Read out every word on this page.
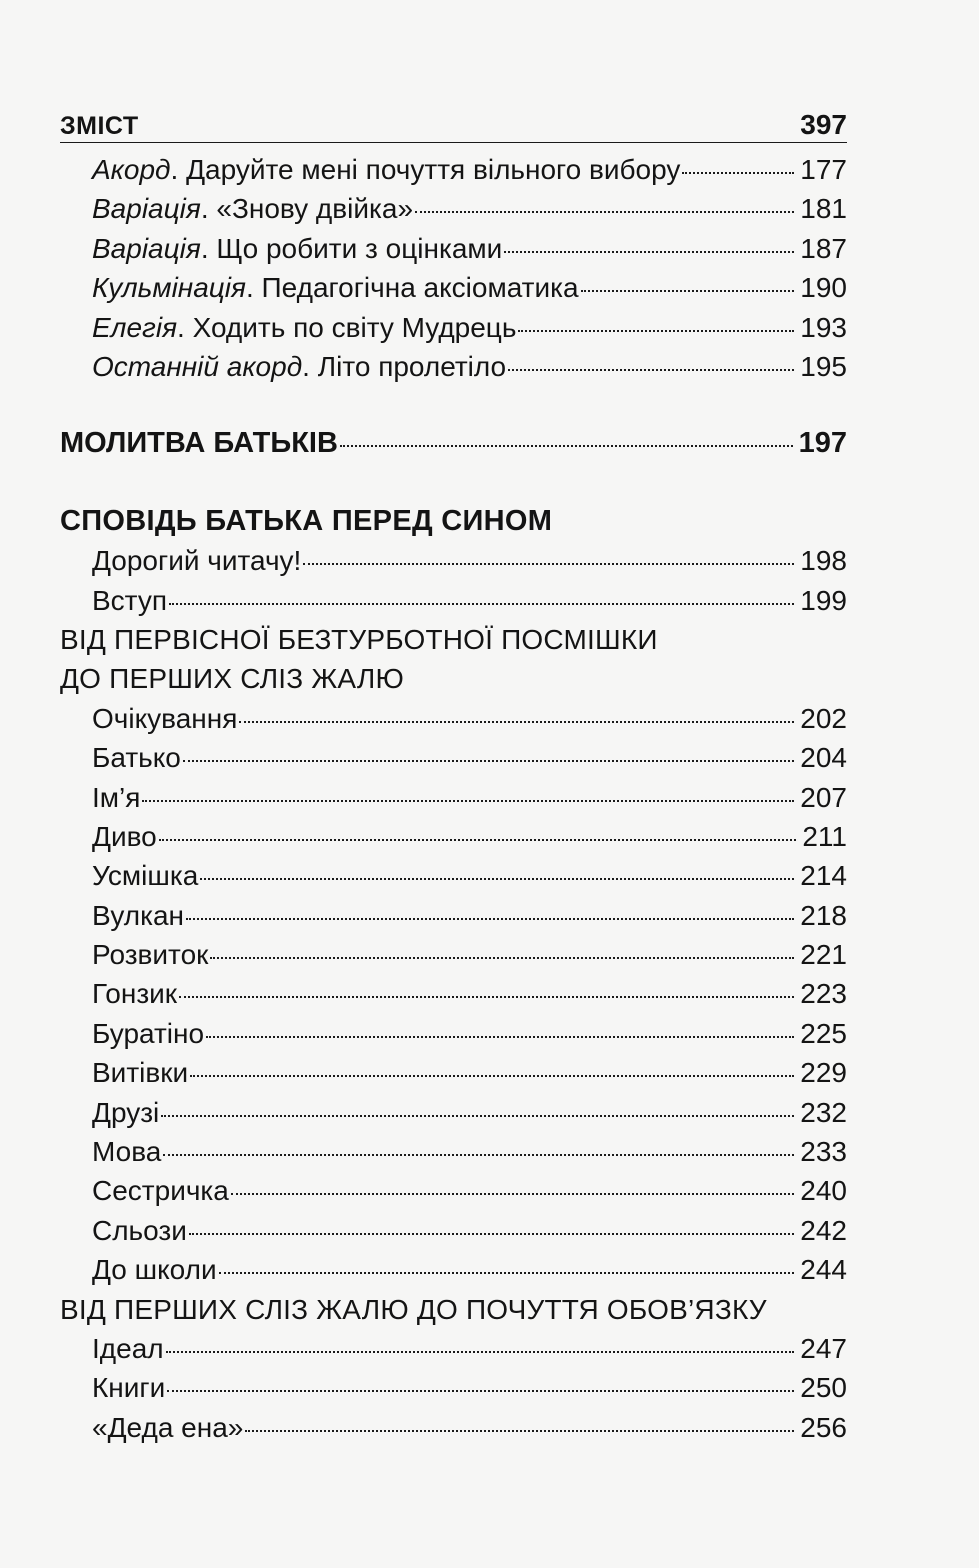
ЗМІСТ	397
Акорд. Даруйте мені почуття вільного вибору	177
Варіація. «Знову двійка»	181
Варіація. Що робити з оцінками	187
Кульмінація. Педагогічна аксіоматика	190
Елегія. Ходить по світу Мудрець	193
Останній акорд. Літо пролетіло	195
МОЛИТВА БАТЬКІВ	197
СПОВІДЬ БАТЬКА ПЕРЕД СИНОМ
Дорогий читачу!	198
Вступ	199
ВІД ПЕРВІСНОЇ БЕЗТУРБОТНОЇ ПОСМІШКИ
ДО ПЕРШИХ СЛІЗ ЖАЛЮ
Очікування	202
Батько	204
Ім’я	207
Диво	211
Усмішка	214
Вулкан	218
Розвиток	221
Гонзик	223
Буратіно	225
Витівки	229
Друзі	232
Мова	233
Сестричка	240
Сльози	242
До школи	244
ВІД ПЕРШИХ СЛІЗ ЖАЛЮ ДО ПОЧУТТЯ ОБОВ’ЯЗКУ
Ідеал	247
Книги	250
«Деда ена»	256
